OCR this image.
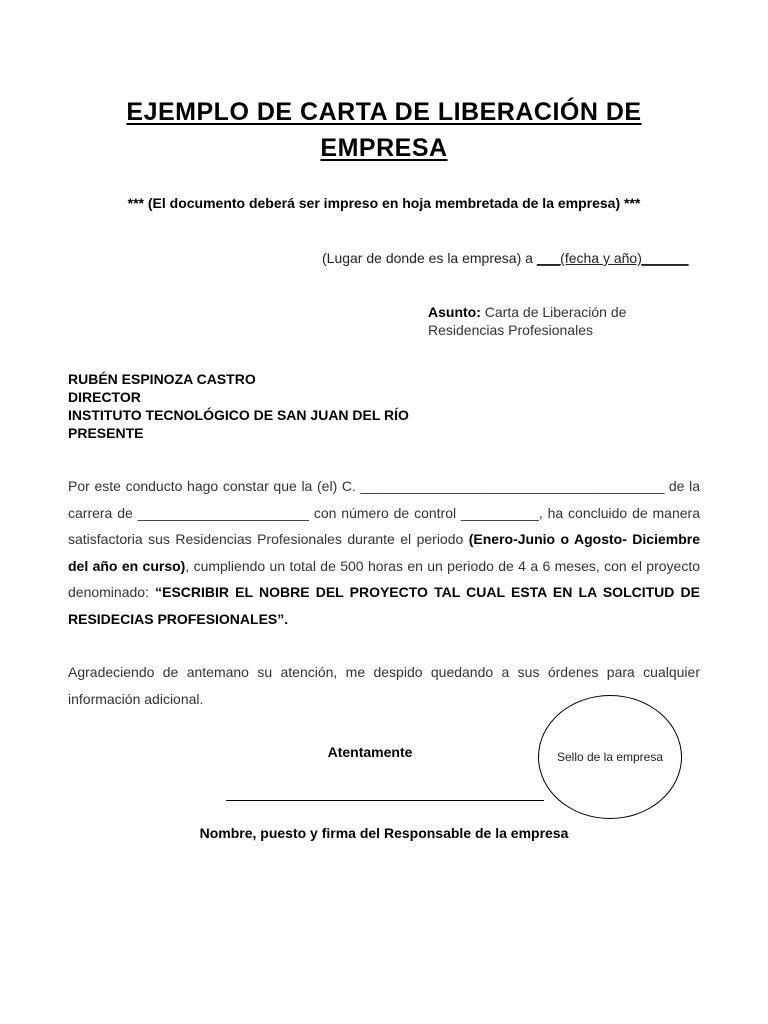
EJEMPLO DE CARTA DE LIBERACIÓN DE
EMPRESA
*** (El documento deberá ser impreso en hoja membretada de la empresa) ***
(Lugar de donde es la empresa) a ___(fecha y año)______
Asunto: Carta de Liberación de Residencias Profesionales
RUBÉN ESPINOZA CASTRO
DIRECTOR
INSTITUTO TECNOLÓGICO DE SAN JUAN DEL RÍO
PRESENTE
Por este conducto hago constar que la (el) C. _______________________________________ de la carrera de ______________________ con número de control __________, ha concluido de manera satisfactoria sus Residencias Profesionales durante el periodo (Enero-Junio o Agosto- Diciembre del año en curso), cumpliendo un total de 500 horas en un periodo de 4 a 6 meses, con el proyecto denominado: “ESCRIBIR EL NOBRE DEL PROYECTO TAL CUAL ESTA EN LA SOLCITUD DE RESIDECIAS PROFESIONALES”.
Agradeciendo de antemano su atención, me despido quedando a sus órdenes para cualquier información adicional.
Atentamente
Nombre, puesto y firma del Responsable de la empresa
Sello de la empresa
